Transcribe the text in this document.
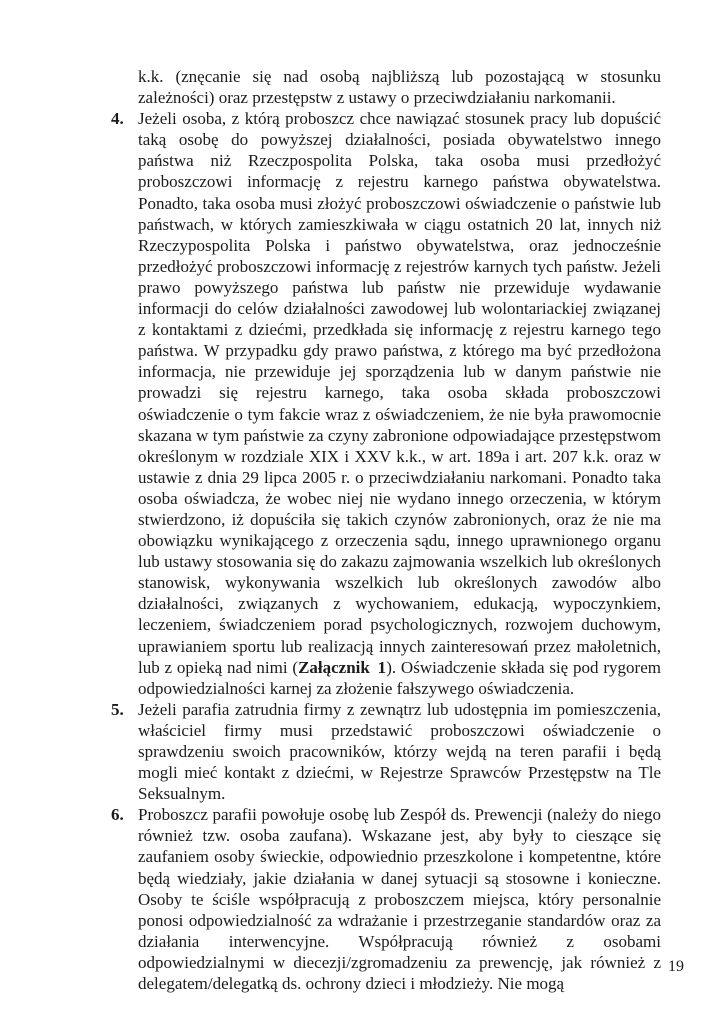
k.k. (znęcanie się nad osobą najbliższą lub pozostającą w stosunku zależności) oraz przestępstw z ustawy o przeciwdziałaniu narkomanii.

4. Jeżeli osoba, z którą proboszcz chce nawiązać stosunek pracy lub dopuścić taką osobę do powyższej działalności, posiada obywatelstwo innego państwa niż Rzeczpospolita Polska, taka osoba musi przedłożyć proboszczowi informację z rejestru karnego państwa obywatelstwa. Ponadto, taka osoba musi złożyć proboszczowi oświadczenie o państwie lub państwach, w których zamieszkiwała w ciągu ostatnich 20 lat, innych niż Rzeczypospolita Polska i państwo obywatelstwa, oraz jednocześnie przedłożyć proboszczowi informację z rejestrów karnych tych państw. Jeżeli prawo powyższego państwa lub państw nie przewiduje wydawanie informacji do celów działalności zawodowej lub wolontariackiej związanej z kontaktami z dziećmi, przedkłada się informację z rejestru karnego tego państwa. W przypadku gdy prawo państwa, z którego ma być przedłożona informacja, nie przewiduje jej sporządzenia lub w danym państwie nie prowadzi się rejestru karnego, taka osoba składa proboszczowi oświadczenie o tym fakcie wraz z oświadczeniem, że nie była prawomocnie skazana w tym państwie za czyny zabronione odpowiadające przestępstwom określonym w rozdziale XIX i XXV k.k., w art. 189a i art. 207 k.k. oraz w ustawie z dnia 29 lipca 2005 r. o przeciwdziałaniu narkomani. Ponadto taka osoba oświadcza, że wobec niej nie wydano innego orzeczenia, w którym stwierdzono, iż dopuściła się takich czynów zabronionych, oraz że nie ma obowiązku wynikającego z orzeczenia sądu, innego uprawnionego organu lub ustawy stosowania się do zakazu zajmowania wszelkich lub określonych stanowisk, wykonywania wszelkich lub określonych zawodów albo działalności, związanych z wychowaniem, edukacją, wypoczynkiem, leczeniem, świadczeniem porad psychologicznych, rozwojem duchowym, uprawianiem sportu lub realizacją innych zainteresowań przez małoletnich, lub z opieką nad nimi (Załącznik 1). Oświadczenie składa się pod rygorem odpowiedzialności karnej za złożenie fałszywego oświadczenia.
5. Jeżeli parafia zatrudnia firmy z zewnątrz lub udostępnia im pomieszczenia, właściciel firmy musi przedstawić proboszczowi oświadczenie o sprawdzeniu swoich pracowników, którzy wejdą na teren parafii i będą mogli mieć kontakt z dziećmi, w Rejestrze Sprawców Przestępstw na Tle Seksualnym.
6. Proboszcz parafii powołuje osobę lub Zespół ds. Prewencji (należy do niego również tzw. osoba zaufana). Wskazane jest, aby były to cieszące się zaufaniem osoby świeckie, odpowiednio przeszkolone i kompetentne, które będą wiedziały, jakie działania w danej sytuacji są stosowne i konieczne. Osoby te ściśle współpracują z proboszczem miejsca, który personalnie ponosi odpowiedzialność za wdrażanie i przestrzeganie standardów oraz za działania interwencyjne. Współpracują również z osobami odpowiedzialnymi w diecezji/zgromadzeniu za prewencję, jak również z delegatem/delegatką ds. ochrony dzieci i młodzieży. Nie mogą
19
